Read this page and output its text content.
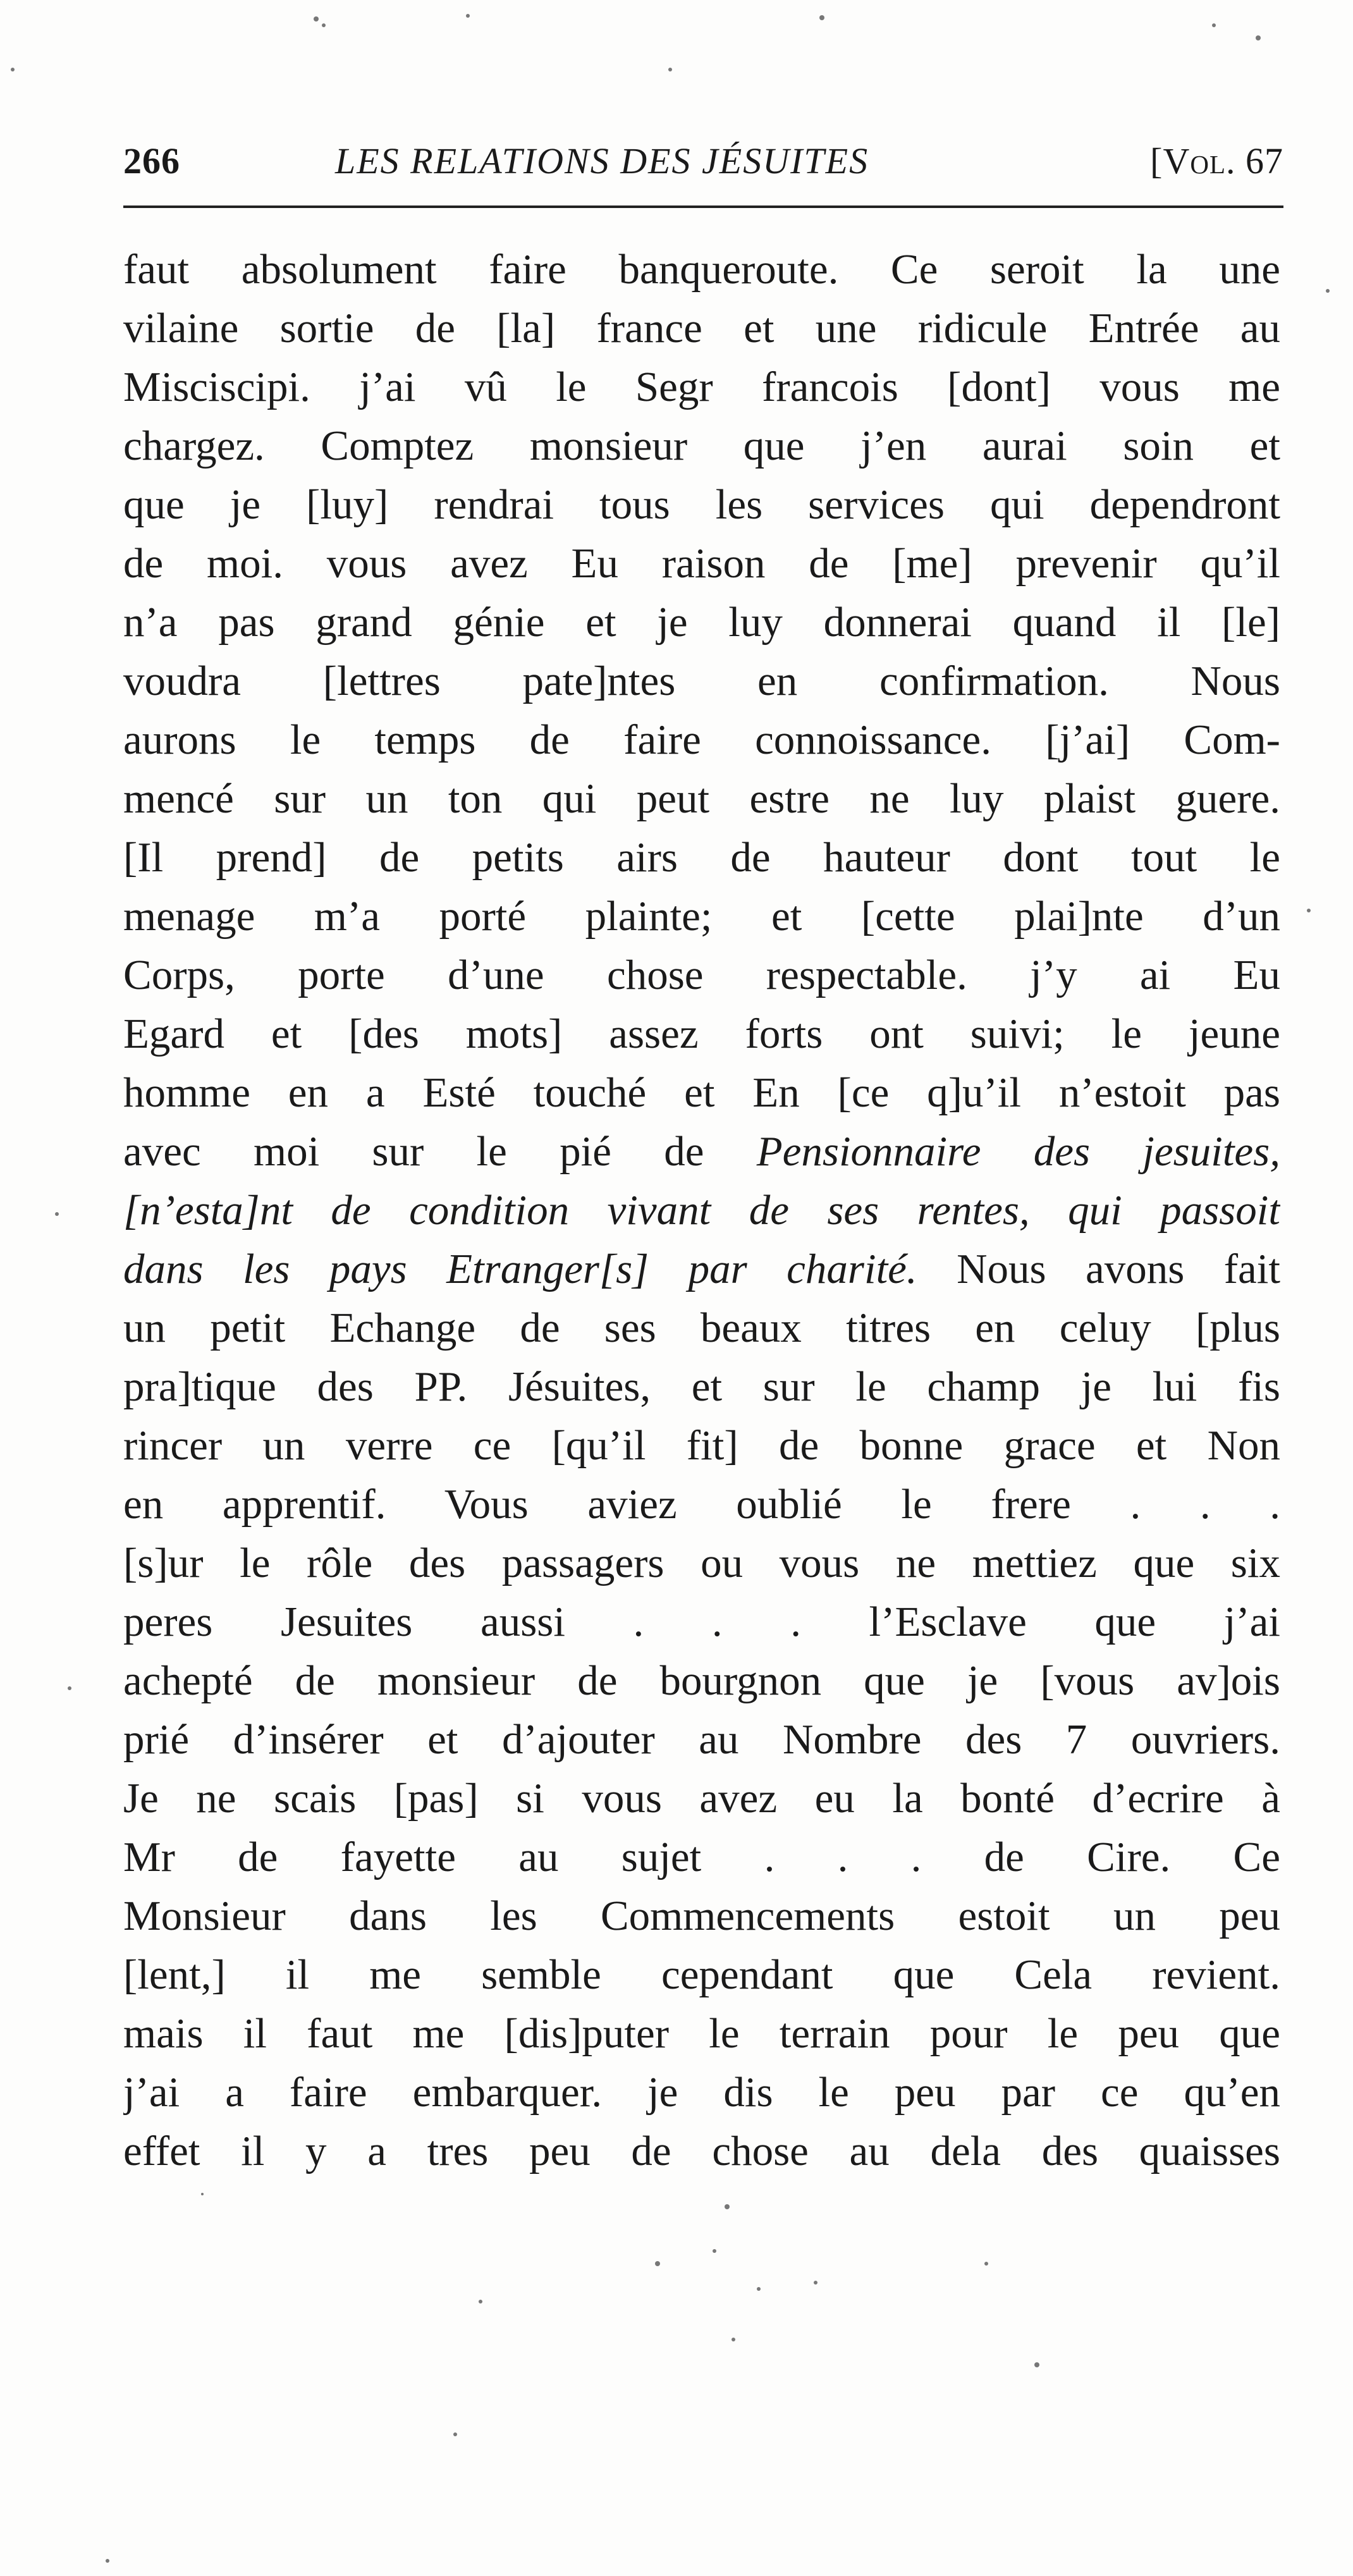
266	LES RELATIONS DES JÉSUITES	[Vol. 67
faut absolument faire banqueroute. Ce seroit la une
vilaine sortie de [la] france et une ridicule Entrée au
Misciscipi. j’ai vû le Segr francois [dont] vous me
chargez. Comptez monsieur que j’en aurai soin et
que je [luy] rendrai tous les services qui dependront
de moi. vous avez Eu raison de [me] prevenir qu’il
n’a pas grand génie et je luy donnerai quand il [le]
voudra [lettres pate]ntes en confirmation. Nous
aurons le temps de faire connoissance. [j’ai] Com-
mencé sur un ton qui peut estre ne luy plaist guere.
[Il prend] de petits airs de hauteur dont tout le
menage m’a porté plainte; et [cette plai]nte d’un
Corps, porte d’une chose respectable. j’y ai Eu
Egard et [des mots] assez forts ont suivi; le jeune
homme en a Esté touché et En [ce q]u’il n’estoit pas
avec moi sur le pié de Pensionnaire des jesuites,
[n’esta]nt de condition vivant de ses rentes, qui passoit
dans les pays Etranger[s] par charité. Nous avons fait
un petit Echange de ses beaux titres en celuy [plus
pra]tique des PP. Jésuites, et sur le champ je lui fis
rincer un verre ce [qu’il fit] de bonne grace et Non
en apprentif. Vous aviez oublié le frere . . .
[s]ur le rôle des passagers ou vous ne mettiez que six
peres Jesuites aussi . . . l’Esclave que j’ai
achepté de monsieur de bourgnon que je [vous av]ois
prié d’insérer et d’ajouter au Nombre des 7 ouvriers.
Je ne scais [pas] si vous avez eu la bonté d’ecrire à
Mr de fayette au sujet . . . de Cire. Ce
Monsieur dans les Commencements estoit un peu
[lent,] il me semble cependant que Cela revient.
mais il faut me [dis]puter le terrain pour le peu que
j’ai a faire embarquer. je dis le peu par ce qu’en
effet il y a tres peu de chose au dela des quaisses
